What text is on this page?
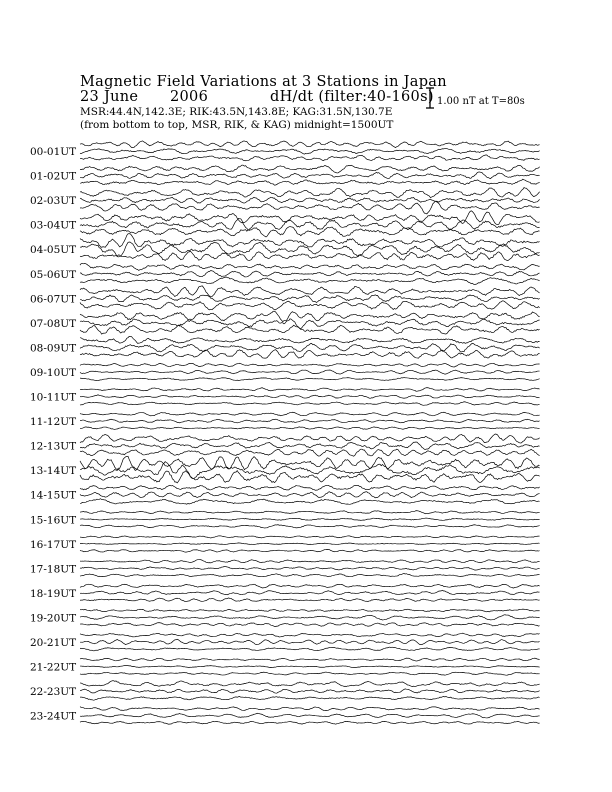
Magnetic Field Variations at 3 Stations in Japan
23 June 2006	dH/dt (filter:40-160s)
MSR:44.4N,142.3E; RIK:43.5N,143.8E; KAG:31.5N,130.7E
(from bottom to top, MSR, RIK, & KAG) midnight=1500UT
1.00 nT at T=80s
00-01UT
01-02UT
02-03UT
03-04UT
04-05UT
05-06UT
06-07UT
07-08UT
08-09UT
09-10UT
10-11UT
11-12UT
12-13UT
13-14UT
14-15UT
15-16UT
16-17UT
17-18UT
18-19UT
19-20UT
20-21UT
21-22UT
22-23UT
23-24UT
